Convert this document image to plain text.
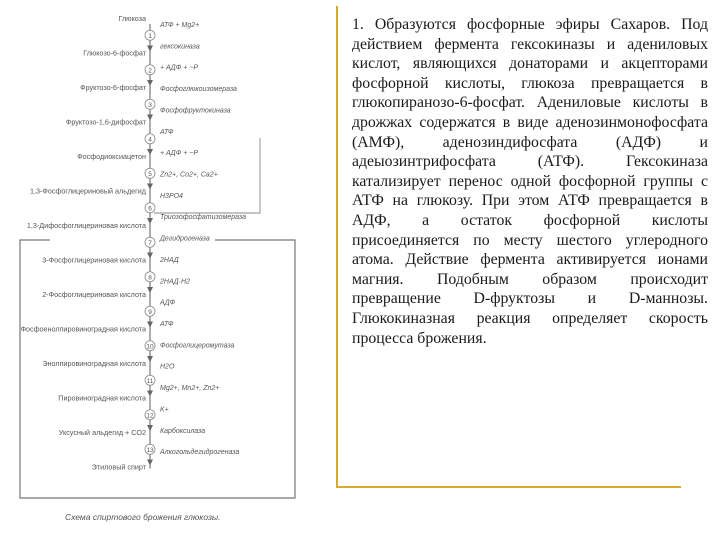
Глюкоза
1
Глюкозо-6-фосфат
2
Фруктозо-6-фосфат
3
Фруктозо-1,6-дифосфат
4
Фосфодиоксиацетон
5
1,3-Фосфоглицериновый альдегид
6
1,3-Дифосфоглицериновая кислота
7
3-Фосфоглицериновая кислота
8
2-Фосфоглицериновая кислота
9
Фосфоенолпировиноградная кислота
10
Энолпировиноградная кислота
11
Пировиноградная кислота
12
Уксусный альдегид + CO2
13
Этиловый спирт
АТФ + Mg2+
гексокиназа
+ АДФ + ~P
Фосфоглюкоизомераза
Фосфофруктокиназа
АТФ
+ АДФ + ~P
Zn2+, Co2+, Ca2+
H3PO4
Триозофосфатизомераза
Дегидрогеназа
2НАД
2НАД·H2
АДФ
АТФ
Фосфоглицеромутаза
H2O
Mg2+, Mn2+, Zn2+
K+
Карбоксилаза
Алкогольдегидрогеназа
Схема спиртового брожения глюкозы.

1. Образуются фосфорные эфиры Сахаров. Под действием фермента гексокиназы и адениловых кислот, являющихся донаторами и акцепторами фосфорной кислоты, глюкоза превращается в глюкопиранозо-6-фосфат. Адениловые кислоты в дрожжах содержатся в виде аденозинмонофосфата (АМФ), аденозиндифосфата (АДФ) и адеыозинтрифосфата (АТФ). Гексокиназа катализирует перенос одной фосфорной группы с АТФ на глюкозу. При этом АТФ превращается в АДФ, а остаток фосфорной кислоты присоединяется по месту шестого углеродного атома. Действие фермента активируется ионами магния. Подобным образом происходит превращение D-фруктозы и D-маннозы. Глюкокиназная реакция определяет скорость процесса брожения.
